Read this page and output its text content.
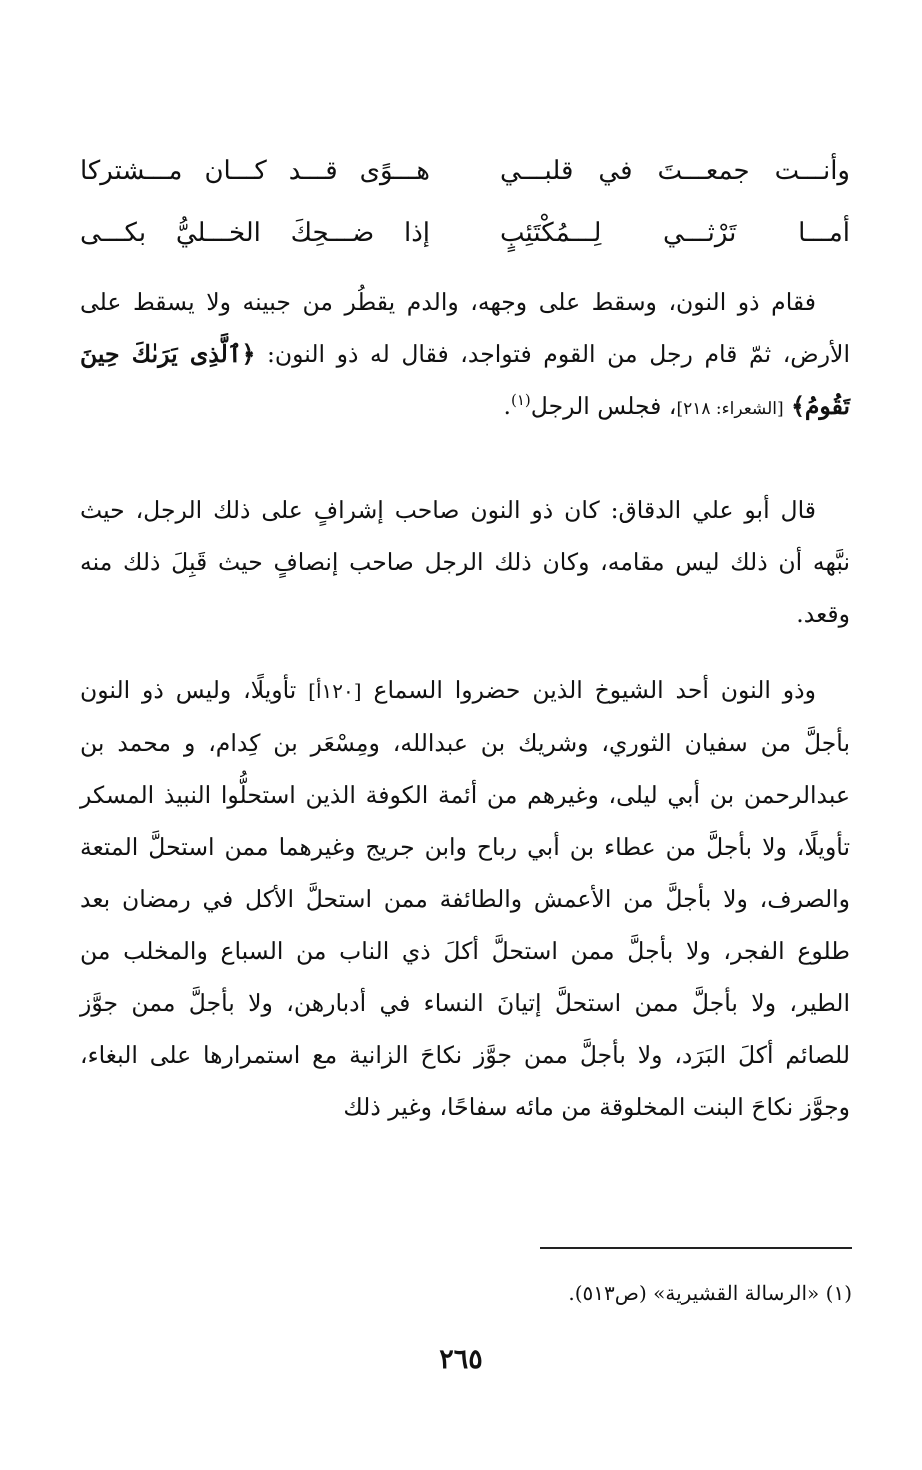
وأنـــت جمعـــتَ في قلبـــي
هـــوًى قـــد كـــان مـــشتركا
أمـــا تَرْثـــي لِـــمُكْتَئِبٍ
إذا ضـــحِكَ الخـــليُّ بكـــى

فقام ذو النون، وسقط على وجهه، والدم يقطُر من جبينه ولا يسقط على الأرض، ثمّ قام رجل من القوم فتواجد، فقال له ذو النون: ﴿ٱلَّذِى يَرَىٰكَ حِينَ تَقُومُ﴾ [الشعراء: ٢١٨]، فجلس الرجل$^{(١)}$.

قال أبو علي الدقاق: كان ذو النون صاحب إشرافٍ على ذلك الرجل، حيث نبَّهه أن ذلك ليس مقامه، وكان ذلك الرجل صاحب إنصافٍ حيث قَبِلَ ذلك منه وقعد.

وذو النون أحد الشيوخ الذين حضروا السماع [١٢٠أ] تأويلًا، وليس ذو النون بأجلَّ من سفيان الثوري، وشريك بن عبدالله، ومِسْعَر بن كِدام، و محمد بن عبدالرحمن بن أبي ليلى، وغيرهم من أئمة الكوفة الذين استحلُّوا النبيذ المسكر تأويلًا، ولا بأجلَّ من عطاء بن أبي رباح وابن جريج وغيرهما ممن استحلَّ المتعة والصرف، ولا بأجلَّ من الأعمش والطائفة ممن استحلَّ الأكل في رمضان بعد طلوع الفجر، ولا بأجلَّ ممن استحلَّ أكلَ ذي الناب من السباع والمخلب من الطير، ولا بأجلَّ ممن استحلَّ إتيانَ النساء في أدبارهن، ولا بأجلَّ ممن جوَّز للصائم أكلَ البَرَد، ولا بأجلَّ ممن جوَّز نكاحَ الزانية مع استمرارها على البغاء، وجوَّز نكاحَ البنت المخلوقة من مائه سفاحًا، وغير ذلك

(١) «الرسالة القشيرية» (ص٥١٣).
٢٦٥
